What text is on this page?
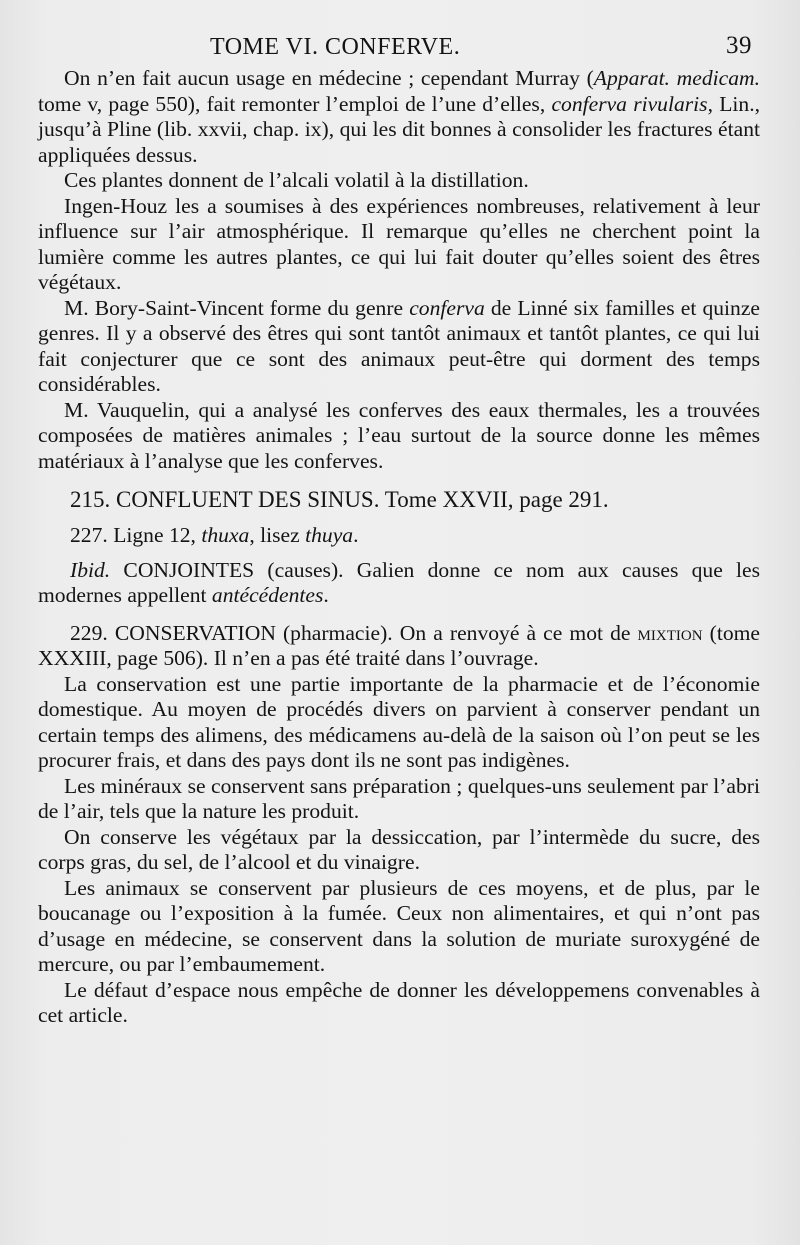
TOME VI. CONFERVE.	39

On n’en fait aucun usage en médecine ; cependant Murray (Apparat. medicam. tome v, page 550), fait remonter l’emploi de l’une d’elles, conferva rivularis, Lin., jusqu’à Pline (lib. xxvii, chap. ix), qui les dit bonnes à consolider les fractures étant appliquées dessus.

Ces plantes donnent de l’alcali volatil à la distillation.

Ingen-Houz les a soumises à des expériences nombreuses, relativement à leur influence sur l’air atmosphérique. Il remarque qu’elles ne cherchent point la lumière comme les autres plantes, ce qui lui fait douter qu’elles soient des êtres végétaux.

M. Bory-Saint-Vincent forme du genre conferva de Linné six familles et quinze genres. Il y a observé des êtres qui sont tantôt animaux et tantôt plantes, ce qui lui fait conjecturer que ce sont des animaux peut-être qui dorment des temps considérables.

M. Vauquelin, qui a analysé les conferves des eaux thermales, les a trouvées composées de matières animales ; l’eau surtout de la source donne les mêmes matériaux à l’analyse que les conferves.

215. CONFLUENT DES SINUS. Tome XXVII, page 291.

227. Ligne 12, thuxa, lisez thuya.

Ibid. CONJOINTES (causes). Galien donne ce nom aux causes que les modernes appellent antécédentes.

229. CONSERVATION (pharmacie). On a renvoyé à ce mot de mixtion (tome XXXIII, page 506). Il n’en a pas été traité dans l’ouvrage.

La conservation est une partie importante de la pharmacie et de l’économie domestique. Au moyen de procédés divers on parvient à conserver pendant un certain temps des alimens, des médicamens au-delà de la saison où l’on peut se les procurer frais, et dans des pays dont ils ne sont pas indigènes.

Les minéraux se conservent sans préparation ; quelques-uns seulement par l’abri de l’air, tels que la nature les produit.

On conserve les végétaux par la dessiccation, par l’intermède du sucre, des corps gras, du sel, de l’alcool et du vinaigre.

Les animaux se conservent par plusieurs de ces moyens, et de plus, par le boucanage ou l’exposition à la fumée. Ceux non alimentaires, et qui n’ont pas d’usage en médecine, se conservent dans la solution de muriate suroxygéné de mercure, ou par l’embaumement.

Le défaut d’espace nous empêche de donner les développemens convenables à cet article.
